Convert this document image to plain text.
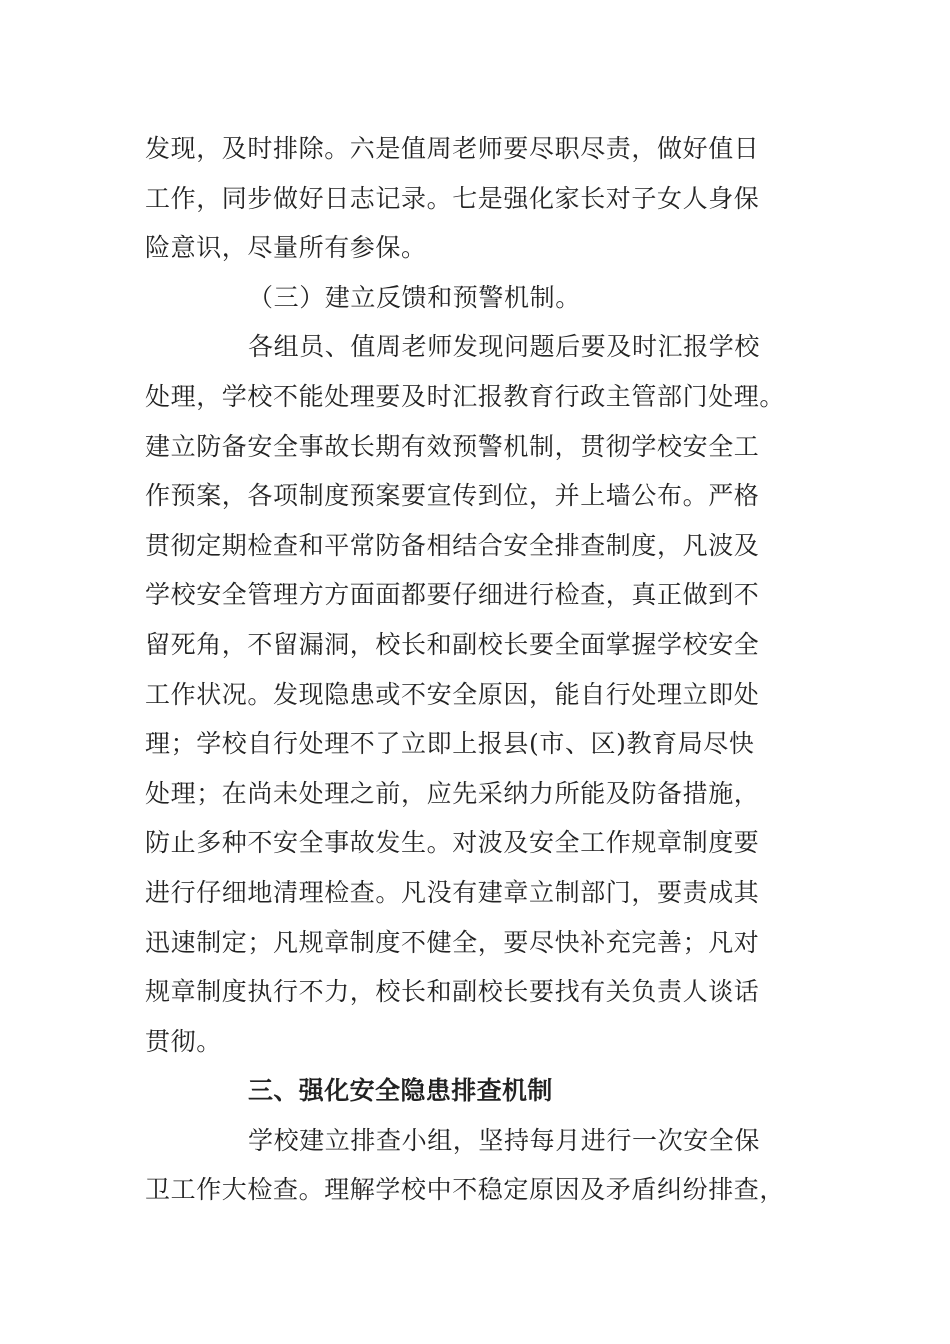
发现，及时排除。六是值周老师要尽职尽责，做好值日
工作，同步做好日志记录。七是强化家长对子女人身保
险意识，尽量所有参保。
（三）建立反馈和预警机制。
各组员、值周老师发现问题后要及时汇报学校
处理，学校不能处理要及时汇报教育行政主管部门处理。
建立防备安全事故长期有效预警机制，贯彻学校安全工
作预案，各项制度预案要宣传到位，并上墙公布。严格
贯彻定期检查和平常防备相结合安全排查制度，凡波及
学校安全管理方方面面都要仔细进行检查，真正做到不
留死角，不留漏洞，校长和副校长要全面掌握学校安全
工作状况。发现隐患或不安全原因，能自行处理立即处
理；学校自行处理不了立即上报县(市、区)教育局尽快
处理；在尚未处理之前，应先采纳力所能及防备措施，
防止多种不安全事故发生。对波及安全工作规章制度要
进行仔细地清理检查。凡没有建章立制部门，要责成其
迅速制定；凡规章制度不健全，要尽快补充完善；凡对
规章制度执行不力，校长和副校长要找有关负责人谈话
贯彻。
三、强化安全隐患排查机制
学校建立排查小组，坚持每月进行一次安全保
卫工作大检查。理解学校中不稳定原因及矛盾纠纷排查，
